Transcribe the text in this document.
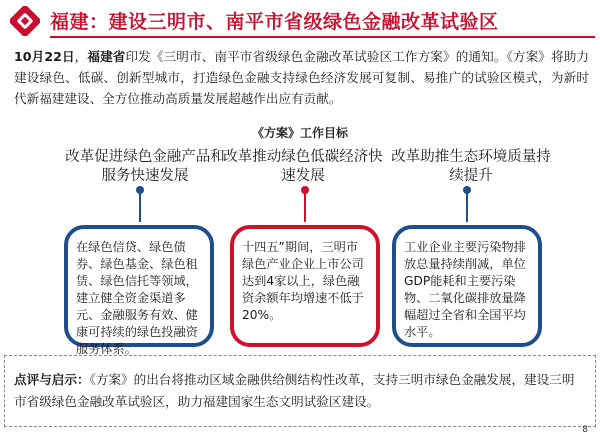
福建：建设三明市、南平市省级绿色金融改革试验区
10月22日，福建省印发《三明市、南平市省级绿色金融改革试验区工作方案》的通知。《方案》将助力建设绿色、低碳、创新型城市，打造绿色金融支持绿色经济发展可复制、易推广的试验区模式，为新时代新福建建设、全方位推动高质量发展超越作出应有贡献。
《方案》工作目标
改革促进绿色金融产品和服务快速发展
改革推动绿色低碳经济快速发展
改革助推生态环境质量持续提升
在绿色信贷、绿色债券、绿色基金、绿色租赁、绿色信托等领域，建立健全资金渠道多元、金融服务有效、健康可持续的绿色投融资服务体系。
十四五”期间，三明市绿色产业企业上市公司达到4家以上，绿色融资余额年均增速不低于20%。
工业企业主要污染物排放总量持续削减，单位GDP能耗和主要污染物、二氧化碳排放量降幅超过全省和全国平均水平。
点评与启示：《方案》的出台将推动区域金融供给侧结构性改革，支持三明市绿色金融发展，建设三明市省级绿色金融改革试验区，助力福建国家生态文明试验区建设。
8
